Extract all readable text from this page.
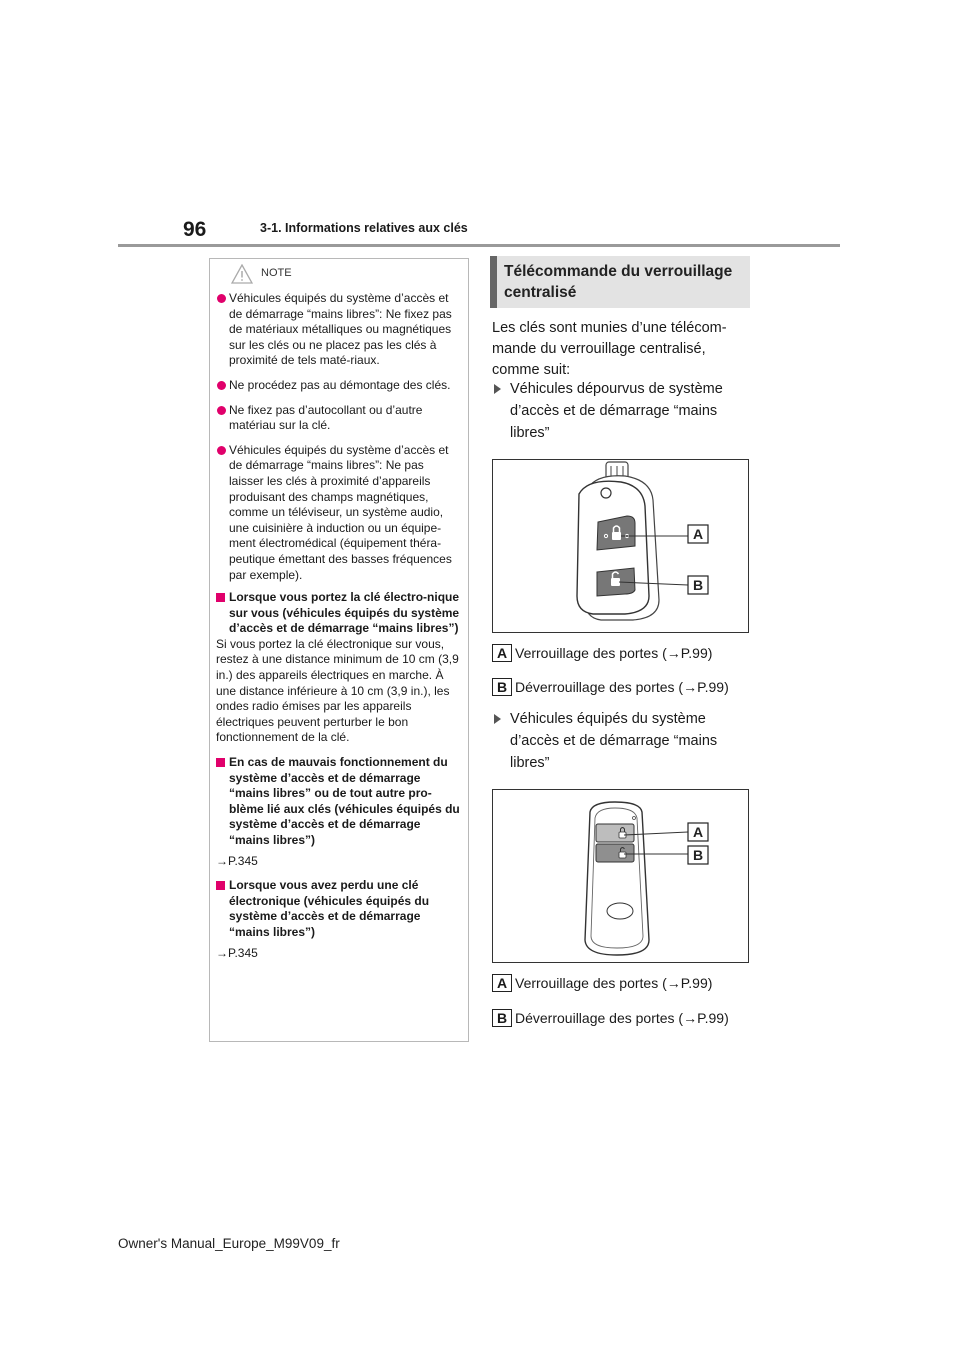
96	3-1. Informations relatives aux clés
NOTE
Véhicules équipés du système d’accès et de démarrage “mains libres”: Ne fixez pas de matériaux métalliques ou magnétiques sur les clés ou ne placez pas les clés à proximité de tels maté-riaux.
Ne procédez pas au démontage des clés.
Ne fixez pas d’autocollant ou d’autre matériau sur la clé.
Véhicules équipés du système d’accès et de démarrage “mains libres”: Ne pas laisser les clés à proximité d’appareils produisant des champs magnétiques, comme un téléviseur, un système audio, une cuisinière à induction ou un équipe-ment électromédical (équipement théra-peutique émettant des basses fréquences par exemple).
Lorsque vous portez la clé électro-nique sur vous (véhicules équipés du système d’accès et de démarrage “mains libres”)
Si vous portez la clé électronique sur vous, restez à une distance minimum de 10 cm (3,9 in.) des appareils électriques en marche. À une distance inférieure à 10 cm (3,9 in.), les ondes radio émises par les appareils électriques peuvent perturber le bon fonctionnement de la clé.
En cas de mauvais fonctionnement du système d’accès et de démarrage “mains libres” ou de tout autre pro-blème lié aux clés (véhicules équipés du système d’accès et de démarrage “mains libres”)
→P.345
Lorsque vous avez perdu une clé électronique (véhicules équipés du système d’accès et de démarrage “mains libres”)
→P.345
Télécommande du verrouillage centralisé
Les clés sont munies d’une télécom-mande du verrouillage centralisé, comme suit:
Véhicules dépourvus de système d’accès et de démarrage “mains libres”
A
B
A Verrouillage des portes (→P.99)
B Déverrouillage des portes (→P.99)
Véhicules équipés du système d’accès et de démarrage “mains libres”
A
B
A Verrouillage des portes (→P.99)
B Déverrouillage des portes (→P.99)
Owner's Manual_Europe_M99V09_fr
